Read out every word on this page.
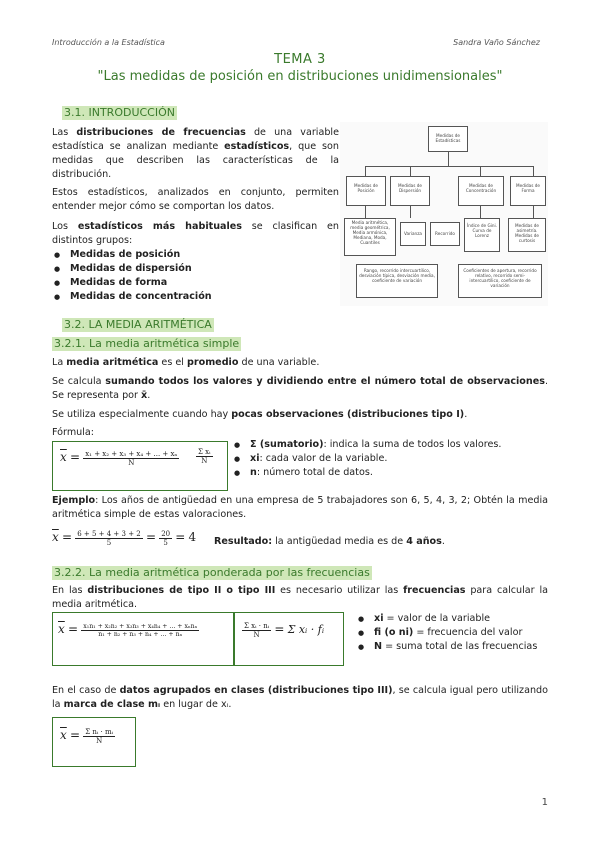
Introducción a la Estadística	Sandra Vaño Sánchez
TEMA 3
"Las medidas de posición en distribuciones unidimensionales"
3.1. INTRODUCCIÓN
Las distribuciones de frecuencias de una variable estadística se analizan mediante estadísticos, que son medidas que describen las características de la distribución.
Estos estadísticos, analizados en conjunto, permiten entender mejor cómo se comportan los datos.
Los estadísticos más habituales se clasifican en distintos grupos:
● Medidas de posición
● Medidas de dispersión
● Medidas de forma
● Medidas de concentración
Medidas de Estadísticas
Medidas de Posición
Medidas de Dispersión
Medidas de Concentración
Medidas de Forma
Media aritmética, media geométrica, Media armónica, Mediana, Moda, Cuantiles
Varianza	Recorrido
Índice de Gini. Curva de Lorenz
Medidas de asimetría. Medidas de curtosis
Rango, recorrido intercuartílico, desviación típica, desviación media, coeficiente de variación
Coeficientes de apertura, recorrido relativo, recorrido semi-intercuartílico, coeficiente de variación
3.2. LA MEDIA ARITMÉTICA
3.2.1. La media aritmética simple
La media aritmética es el promedio de una variable.
Se calcula sumando todos los valores y dividiendo entre el número total de observaciones. Se representa por x̄.
Se utiliza especialmente cuando hay pocas observaciones (distribuciones tipo I).
Fórmula:
$\overline{x} = \frac{\text{x₁ + x₂ + x₃ + x₄ + ... + xₙ}}{N} \frac{\text{Σ xᵢ}}{N}$
● Σ (sumatorio): indica la suma de todos los valores.
● xi: cada valor de la variable.
● n: número total de datos.
Ejemplo: Los años de antigüedad en una empresa de 5 trabajadores son 6, 5, 4, 3, 2; Obtén la media aritmética simple de estas valoraciones.
$\overline{x} = \frac{6 + 5 + 4 + 3 + 2}{5} = \frac{20}{5} = 4$ Resultado: la antigüedad media es de 4 años.
3.2.2. La media aritmética ponderada por las frecuencias
En las distribuciones de tipo II o tipo III es necesario utilizar las frecuencias para calcular la media aritmética.
$\overline{x} = \frac{\text{x₁n₁ + x₂n₂ + x₃n₃ + x₄n₄ + ... + xₙnₙ}}{\text{n₁ + n₂ + n₃ + n₄ + ... + nₙ}}$	$\frac{\text{Σ xᵢ · nᵢ}}{N} = \Sigma$ xᵢ · fᵢ
● xi = valor de la variable
● fi (o ni) = frecuencia del valor
● N = suma total de las frecuencias
En el caso de datos agrupados en clases (distribuciones tipo III), se calcula igual pero utilizando la marca de clase mᵢ en lugar de xᵢ.
$\overline{x} = \frac{\text{Σ nᵢ · mᵢ}}{N}$
1
